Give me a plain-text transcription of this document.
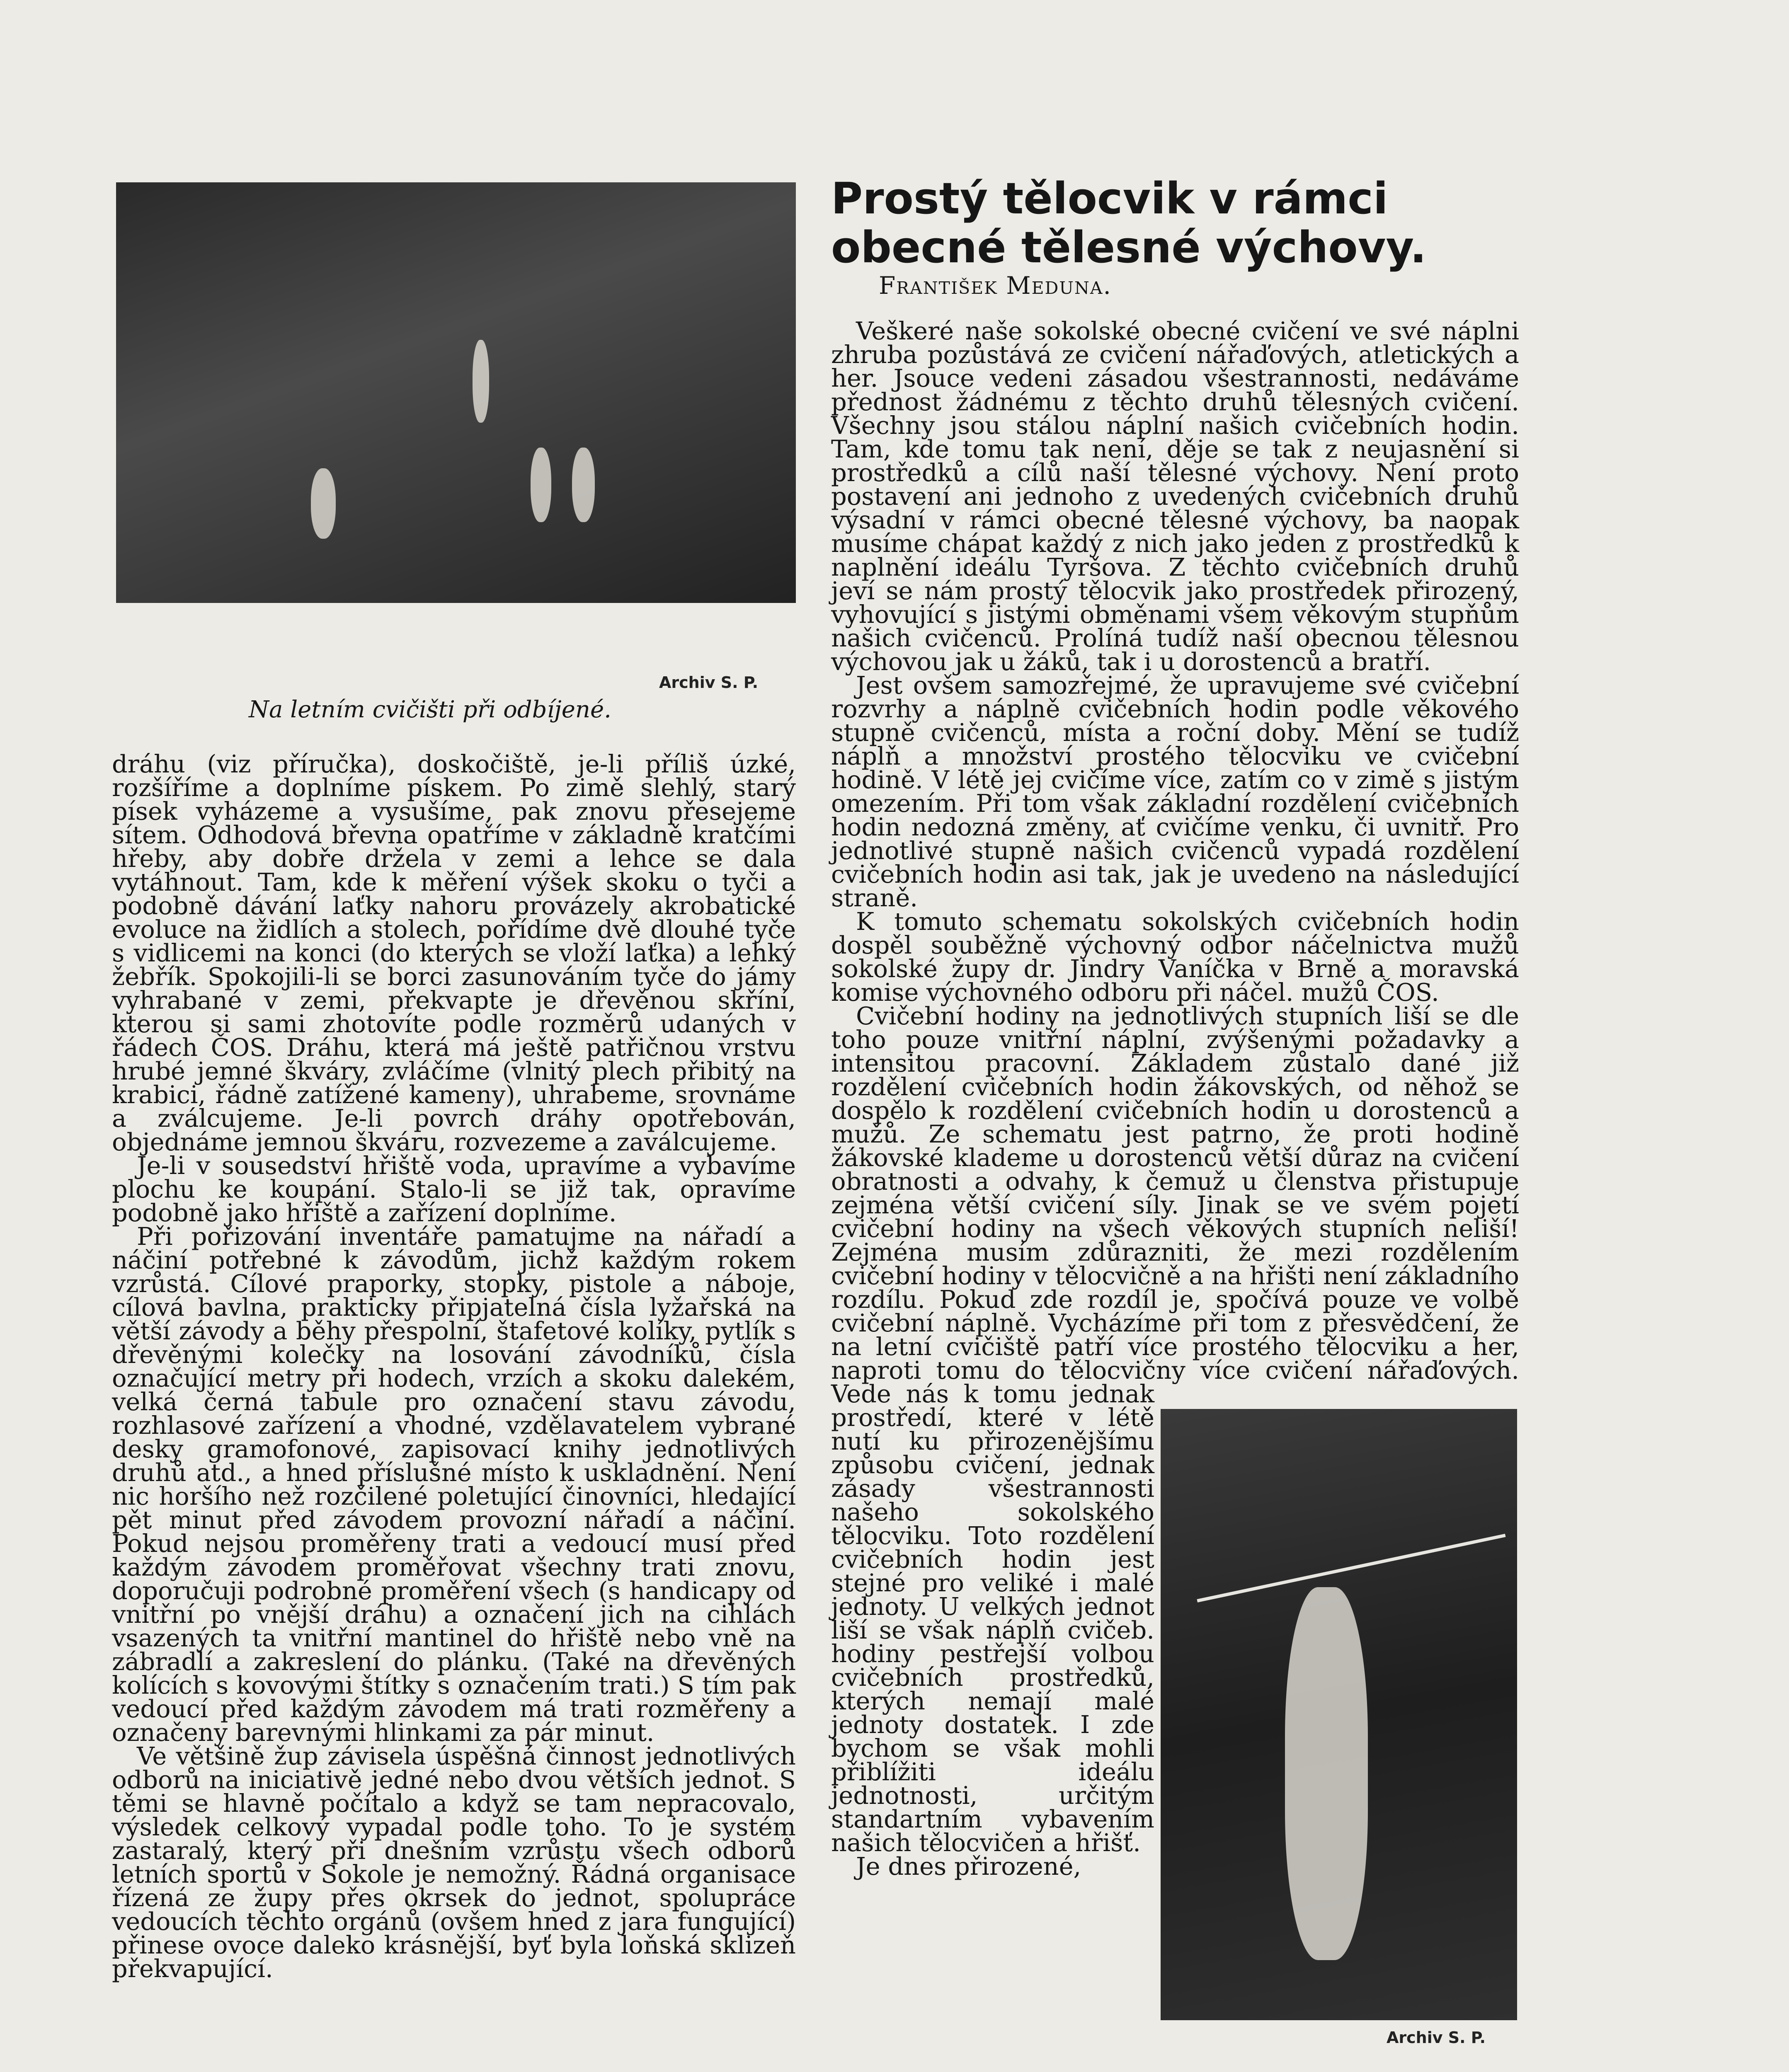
Archiv S. P.
Na letním cvičišti při odbíjené.
Prostý tělocvik v rámci obecné tělesné výchovy.
František Meduna.

dráhu (viz příručka), doskočiště, je-li příliš úzké, rozšíříme a doplníme pískem. Po zimě slehlý, starý písek vyházeme a vysušíme, pak znovu přesejeme sítem. Odhodová břevna opatříme v základně kratčími hřeby, aby dobře držela v zemi a lehce se dala vytáhnout. Tam, kde k měření výšek skoku o tyči a podobně dávání laťky nahoru provázely akrobatické evoluce na židlích a stolech, pořídíme dvě dlouhé tyče s vidlicemi na konci (do kterých se vloží laťka) a lehký žebřík. Spokojili-li se borci zasunováním tyče do jámy vyhrabané v zemi, překvapte je dřevěnou skříní, kterou si sami zhotovíte podle rozměrů udaných v řádech ČOS. Dráhu, která má ještě patřičnou vrstvu hrubé jemné škváry, zvláčíme (vlnitý plech přibitý na krabici, řádně zatížené kameny), uhrabeme, srovnáme a zválcujeme. Je-li povrch dráhy opotřebován, objednáme jemnou škváru, rozvezeme a zaválcujeme.

Je-li v sousedství hřiště voda, upravíme a vybavíme plochu ke koupání. Stalo-li se již tak, opravíme podobně jako hřiště a zařízení doplníme.

Při pořizování inventáře pamatujme na nářadí a náčiní potřebné k závodům, jichž každým rokem vzrůstá. Cílové praporky, stopky, pistole a náboje, cílová bavlna, prakticky připjatelná čísla lyžařská na větší závody a běhy přespolní, štafetové kolíky, pytlík s dřevěnými kolečky na losování závodníků, čísla označující metry při hodech, vrzích a skoku dalekém, velká černá tabule pro označení stavu závodu, rozhlasové zařízení a vhodné, vzdělavatelem vybrané desky gramofonové, zapisovací knihy jednotlivých druhů atd., a hned příslušné místo k uskladnění. Není nic horšího než rozčilené poletující činovníci, hledající pět minut před závodem provozní nářadí a náčiní. Pokud nejsou proměřeny trati a vedoucí musí před každým závodem proměřovat všechny trati znovu, doporučuji podrobné proměření všech (s handicapy od vnitřní po vnější dráhu) a označení jich na cihlách vsazených ta vnitřní mantinel do hřiště nebo vně na zábradlí a zakreslení do plánku. (Také na dřevěných kolících s kovovými štítky s označením trati.) S tím pak vedoucí před každým závodem má trati rozměřeny a označeny barevnými hlinkami za pár minut.

Ve většině žup závisela úspěšná činnost jednotlivých odborů na iniciativě jedné nebo dvou větších jednot. S těmi se hlavně počítalo a když se tam nepracovalo, výsledek celkový vypadal podle toho. To je systém zastaralý, který při dnešním vzrůstu všech odborů letních sportů v Sokole je nemožný. Řádná organisace řízená ze župy přes okrsek do jednot, spolupráce vedoucích těchto orgánů (ovšem hned z jara fungující) přinese ovoce daleko krásnější, byť byla loňská sklizeň překvapující.

Veškeré naše sokolské obecné cvičení ve své náplni zhruba pozůstává ze cvičení nářaďových, atletických a her. Jsouce vedeni zásadou všestrannosti, nedáváme přednost žádnému z těchto druhů tělesných cvičení. Všechny jsou stálou náplní našich cvičebních hodin. Tam, kde tomu tak není, děje se tak z neujasnění si prostředků a cílů naší tělesné výchovy. Není proto postavení ani jednoho z uvedených cvičebních druhů výsadní v rámci obecné tělesné výchovy, ba naopak musíme chápat každý z nich jako jeden z prostředků k naplnění ideálu Tyršova. Z těchto cvičebních druhů jeví se nám prostý tělocvik jako prostředek přirozený, vyhovující s jistými obměnami všem věkovým stupňům našich cvičenců. Prolíná tudíž naší obecnou tělesnou výchovou jak u žáků, tak i u dorostenců a bratří.

Jest ovšem samozřejmé, že upravujeme své cvičební rozvrhy a náplně cvičebních hodin podle věkového stupně cvičenců, místa a roční doby. Mění se tudíž náplň a množství prostého tělocviku ve cvičební hodině. V létě jej cvičíme více, zatím co v zimě s jistým omezením. Při tom však základní rozdělení cvičebních hodin nedozná změny, ať cvičíme venku, či uvnitř. Pro jednotlivé stupně našich cvičenců vypadá rozdělení cvičebních hodin asi tak, jak je uvedeno na následující straně.

K tomuto schematu sokolských cvičebních hodin dospěl souběžně výchovný odbor náčelnictva mužů sokolské župy dr. Jindry Vaníčka v Brně a moravská komise výchovného odboru při náčel. mužů ČOS.

Cvičební hodiny na jednotlivých stupních liší se dle toho pouze vnitřní náplní, zvýšenými požadavky a intensitou pracovní. Základem zůstalo dané již rozdělení cvičebních hodin žákovských, od něhož se dospělo k rozdělení cvičebních hodin u dorostenců a mužů. Ze schematu jest patrno, že proti hodině žákovské klademe u dorostenců větší důraz na cvičení obratnosti a odvahy, k čemuž u členstva přistupuje zejména větší cvičení síly. Jinak se ve svém pojetí cvičební hodiny na všech věkových stupních neliší! Zejména musím zdůrazniti, že mezi rozdělením cvičební hodiny v tělocvičně a na hřišti není základního rozdílu. Pokud zde rozdíl je, spočívá pouze ve volbě cvičební náplně. Vycházíme při tom z přesvědčení, že na letní cvičiště patří více prostého tělocviku a her, naproti tomu do tělocvičny více cvičení nářaďových. Vede nás k tomu jednak prostředí, které v létě nutí ku přirozenějšímu způsobu cvičení, jednak zásady všestrannosti našeho sokolského tělocviku. Toto rozdělení cvičebních hodin jest stejné pro veliké i malé jednoty. U velkých jednot liší se však náplň cvičeb. hodiny pestřejší volbou cvičebních prostředků, kterých nemají malé jednoty dostatek. I zde bychom se však mohli přiblížiti ideálu jednotnosti, určitým standartním vybavením našich tělocvičen a hřišť.

Je dnes přirozené,

Archiv S. P.
